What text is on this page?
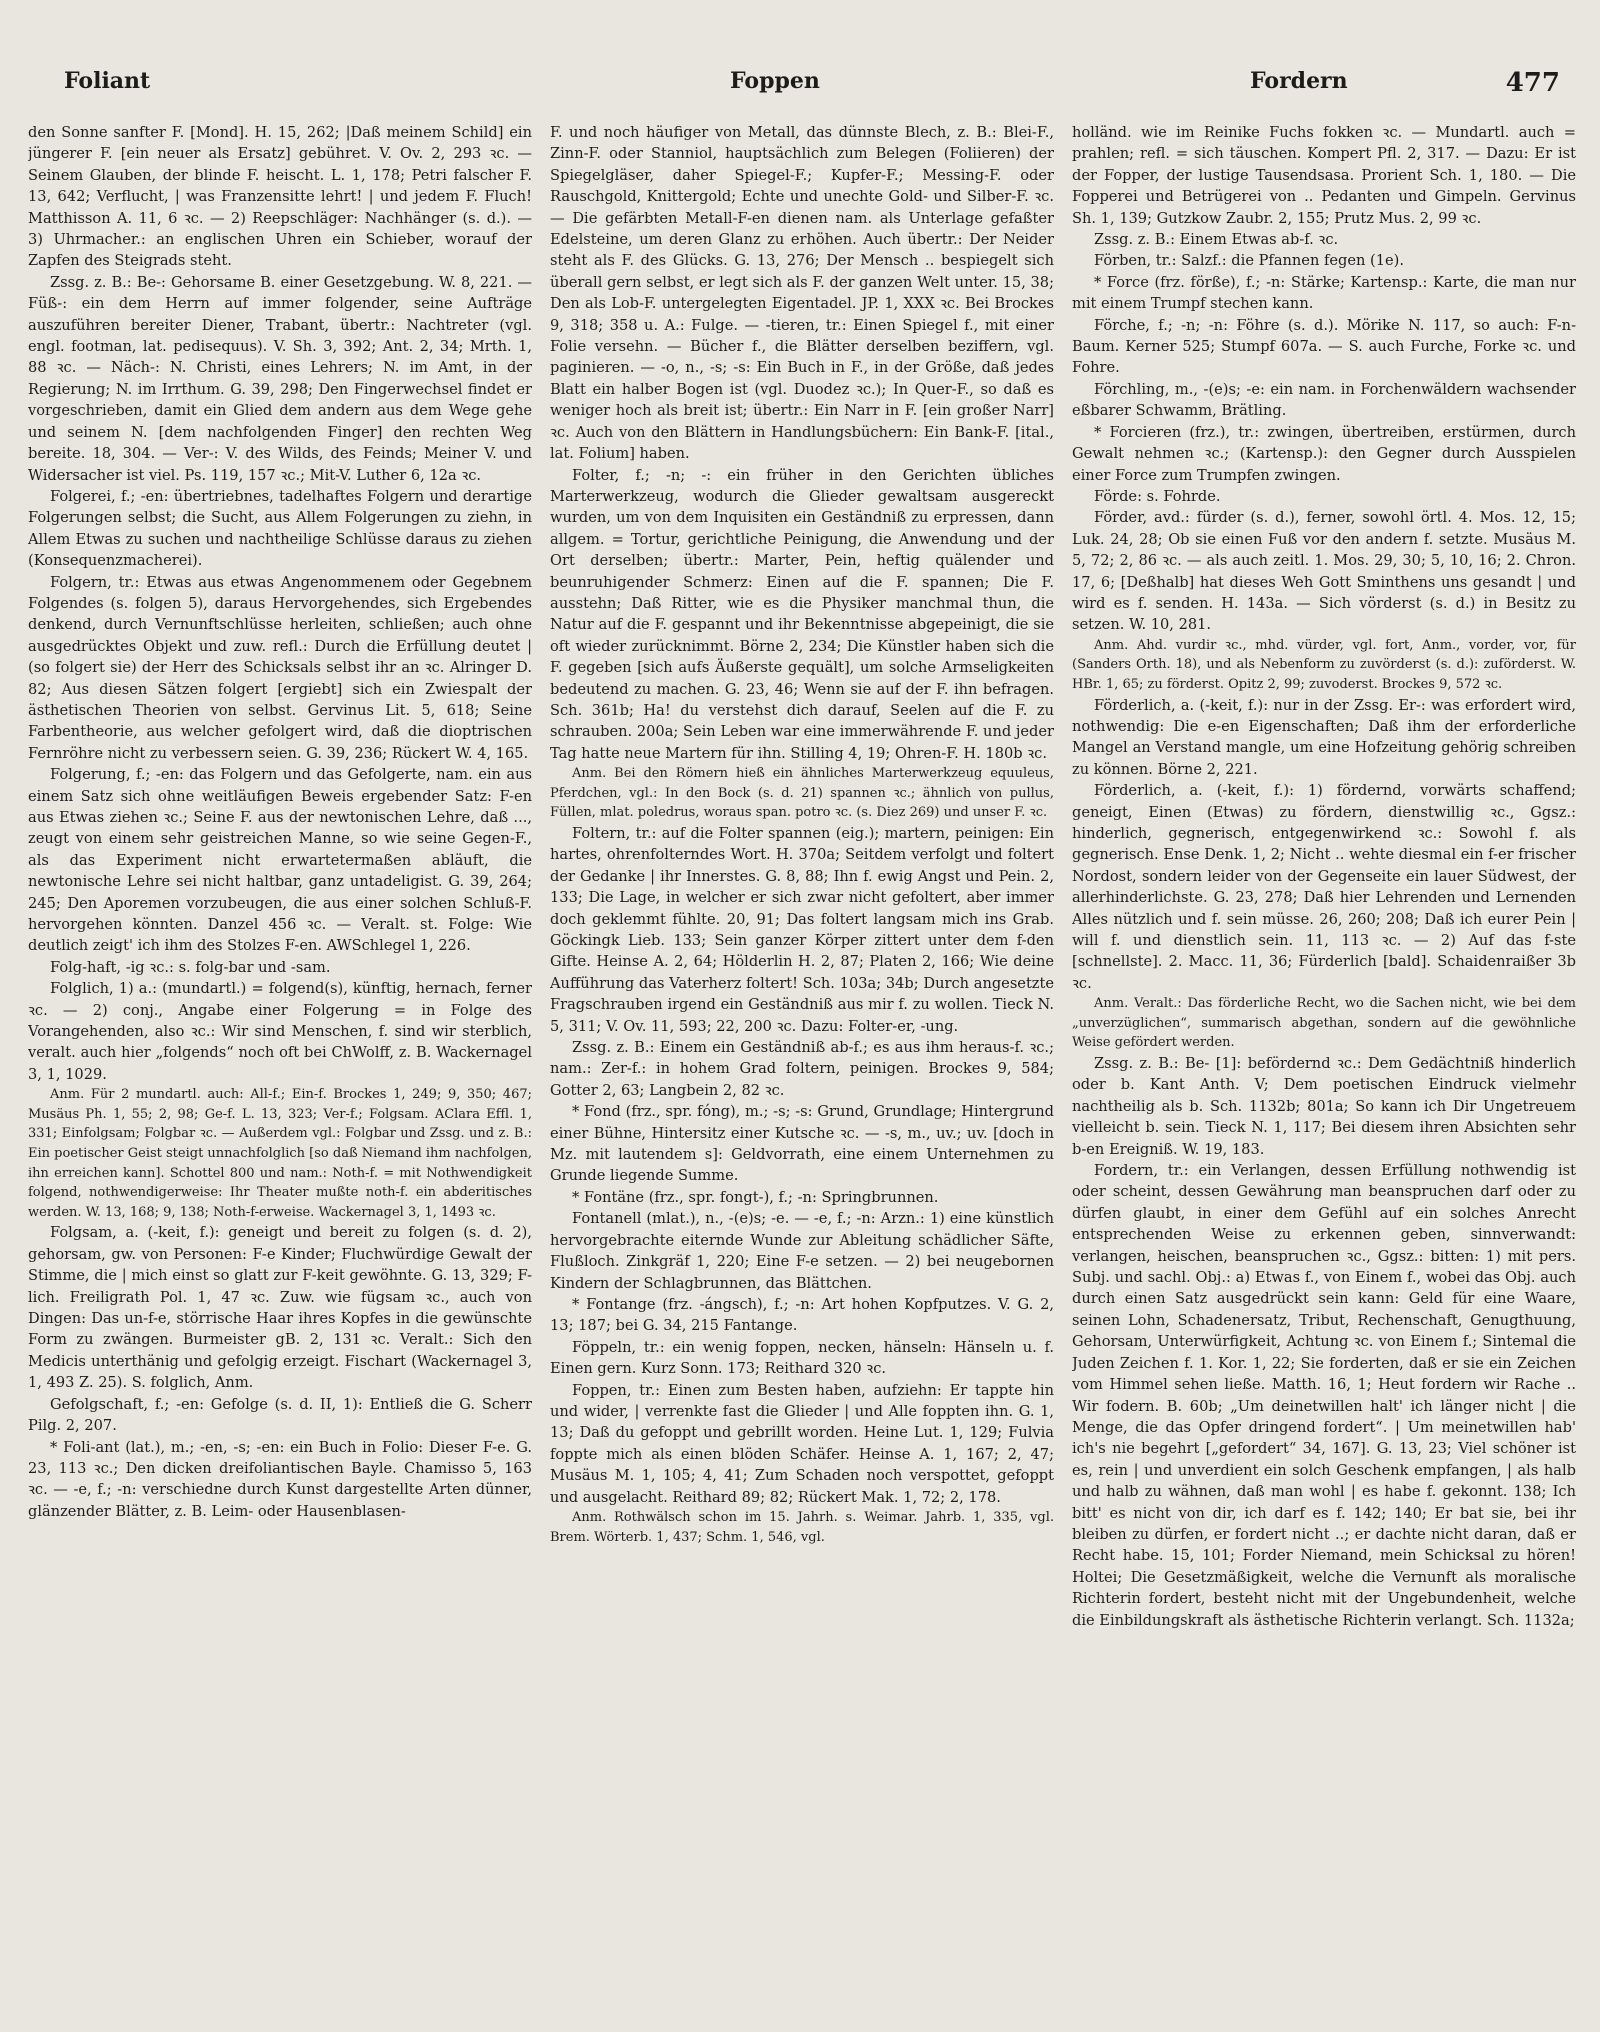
Foliant	Foppen	Fordern	477

den Sonne sanfter F. [Mond]. H. 15, 262; |Daß meinem Schild] ein jüngerer F. [ein neuer als Ersatz] gebühret. V. Ov. 2, 293 ꝛc. — Seinem Glauben, der blinde F. heischt. L. 1, 178; Petri falscher F. 13, 642; Verflucht, | was Franzensitte lehrt! | und jedem F. Fluch! Matthisson A. 11, 6 ꝛc. — 2) Reepschläger: Nachhänger (s. d.). — 3) Uhrmacher.: an englischen Uhren ein Schieber, worauf der Zapfen des Steigrads steht.

Zssg. z. B.: Be-: Gehorsame B. einer Gesetzgebung. W. 8, 221. — Füß-: ein dem Herrn auf immer folgender, seine Aufträge auszuführen bereiter Diener, Trabant, übertr.: Nachtreter (vgl. engl. footman, lat. pedisequus). V. Sh. 3, 392; Ant. 2, 34; Mrth. 1, 88 ꝛc. — Näch-: N. Christi, eines Lehrers; N. im Amt, in der Regierung; N. im Irrthum. G. 39, 298; Den Fingerwechsel findet er vorgeschrieben, damit ein Glied dem andern aus dem Wege gehe und seinem N. [dem nachfolgenden Finger] den rechten Weg bereite. 18, 304. — Ver-: V. des Wilds, des Feinds; Meiner V. und Widersacher ist viel. Ps. 119, 157 ꝛc.; Mit-V. Luther 6, 12a ꝛc.

Folgerei, f.; -en: übertriebnes, tadelhaftes Folgern und derartige Folgerungen selbst; die Sucht, aus Allem Folgerungen zu ziehn, in Allem Etwas zu suchen und nachtheilige Schlüsse daraus zu ziehen (Konsequenzmacherei).

Folgern, tr.: Etwas aus etwas Angenommenem oder Gegebnem Folgendes (s. folgen 5), daraus Hervorgehendes, sich Ergebendes denkend, durch Vernunftschlüsse herleiten, schließen; auch ohne ausgedrücktes Objekt und zuw. refl.: Durch die Erfüllung deutet | (so folgert sie) der Herr des Schicksals selbst ihr an ꝛc. Alringer D. 82; Aus diesen Sätzen folgert [ergiebt] sich ein Zwiespalt der ästhetischen Theorien von selbst. Gervinus Lit. 5, 618; Seine Farbentheorie, aus welcher gefolgert wird, daß die dioptrischen Fernröhre nicht zu verbessern seien. G. 39, 236; Rückert W. 4, 165.

Folgerung, f.; -en: das Folgern und das Gefolgerte, nam. ein aus einem Satz sich ohne weitläufigen Beweis ergebender Satz: F-en aus Etwas ziehen ꝛc.; Seine F. aus der newtonischen Lehre, daß ..., zeugt von einem sehr geistreichen Manne, so wie seine Gegen-F., als das Experiment nicht erwartetermaßen abläuft, die newtonische Lehre sei nicht haltbar, ganz untadeligist. G. 39, 264; 245; Den Aporemen vorzubeugen, die aus einer solchen Schluß-F. hervorgehen könnten. Danzel 456 ꝛc. — Veralt. st. Folge: Wie deutlich zeigt' ich ihm des Stolzes F-en. AWSchlegel 1, 226.

Folg-haft, -ig ꝛc.: s. folg-bar und -sam.

Folglich, 1) a.: (mundartl.) = folgend(s), künftig, hernach, ferner ꝛc. — 2) conj., Angabe einer Folgerung = in Folge des Vorangehenden, also ꝛc.: Wir sind Menschen, f. sind wir sterblich, veralt. auch hier „folgends“ noch oft bei ChWolff, z. B. Wackernagel 3, 1, 1029.

Anm. Für 2 mundartl. auch: All-f.; Ein-f. Brockes 1, 249; 9, 350; 467; Musäus Ph. 1, 55; 2, 98; Ge-f. L. 13, 323; Ver-f.; Folgsam. AClara Effl. 1, 331; Einfolgsam; Folgbar ꝛc. — Außerdem vgl.: Folgbar und Zssg. und z. B.: Ein poetischer Geist steigt unnachfolglich [so daß Niemand ihm nachfolgen, ihn erreichen kann]. Schottel 800 und nam.: Noth-f. = mit Nothwendigkeit folgend, nothwendigerweise: Ihr Theater mußte noth-f. ein abderitisches werden. W. 13, 168; 9, 138; Noth-f-erweise. Wackernagel 3, 1, 1493 ꝛc.

Folgsam, a. (-keit, f.): geneigt und bereit zu folgen (s. d. 2), gehorsam, gw. von Personen: F-e Kinder; Fluchwürdige Gewalt der Stimme, die | mich einst so glatt zur F-keit gewöhnte. G. 13, 329; F-lich. Freiligrath Pol. 1, 47 ꝛc. Zuw. wie fügsam ꝛc., auch von Dingen: Das un-f-e, störrische Haar ihres Kopfes in die gewünschte Form zu zwängen. Burmeister gB. 2, 131 ꝛc. Veralt.: Sich den Medicis unterthänig und gefolgig erzeigt. Fischart (Wackernagel 3, 1, 493 Z. 25). S. folglich, Anm.

Gefolgschaft, f.; -en: Gefolge (s. d. II, 1): Entließ die G. Scherr Pilg. 2, 207.

* Foli-ant (lat.), m.; -en, -s; -en: ein Buch in Folio: Dieser F-e. G. 23, 113 ꝛc.; Den dicken dreifoliantischen Bayle. Chamisso 5, 163 ꝛc. — -e, f.; -n: verschiedne durch Kunst dargestellte Arten dünner, glänzender Blätter, z. B. Leim- oder Hausenblasen-

F. und noch häufiger von Metall, das dünnste Blech, z. B.: Blei-F., Zinn-F. oder Stanniol, hauptsächlich zum Belegen (Foliieren) der Spiegelgläser, daher Spiegel-F.; Kupfer-F.; Messing-F. oder Rauschgold, Knittergold; Echte und unechte Gold- und Silber-F. ꝛc. — Die gefärbten Metall-F-en dienen nam. als Unterlage gefaßter Edelsteine, um deren Glanz zu erhöhen. Auch übertr.: Der Neider steht als F. des Glücks. G. 13, 276; Der Mensch .. bespiegelt sich überall gern selbst, er legt sich als F. der ganzen Welt unter. 15, 38; Den als Lob-F. untergelegten Eigentadel. JP. 1, XXX ꝛc. Bei Brockes 9, 318; 358 u. A.: Fulge. — -tieren, tr.: Einen Spiegel f., mit einer Folie versehn. — Bücher f., die Blätter derselben beziffern, vgl. paginieren. — -o, n., -s; -s: Ein Buch in F., in der Größe, daß jedes Blatt ein halber Bogen ist (vgl. Duodez ꝛc.); In Quer-F., so daß es weniger hoch als breit ist; übertr.: Ein Narr in F. [ein großer Narr] ꝛc. Auch von den Blättern in Handlungsbüchern: Ein Bank-F. [ital., lat. Folium] haben.

Folter, f.; -n; -: ein früher in den Gerichten übliches Marterwerkzeug, wodurch die Glieder gewaltsam ausgereckt wurden, um von dem Inquisiten ein Geständniß zu erpressen, dann allgem. = Tortur, gerichtliche Peinigung, die Anwendung und der Ort derselben; übertr.: Marter, Pein, heftig quälender und beunruhigender Schmerz: Einen auf die F. spannen; Die F. ausstehn; Daß Ritter, wie es die Physiker manchmal thun, die Natur auf die F. gespannt und ihr Bekenntnisse abgepeinigt, die sie oft wieder zurücknimmt. Börne 2, 234; Die Künstler haben sich die F. gegeben [sich aufs Äußerste gequält], um solche Armseligkeiten bedeutend zu machen. G. 23, 46; Wenn sie auf der F. ihn befragen. Sch. 361b; Ha! du verstehst dich darauf, Seelen auf die F. zu schrauben. 200a; Sein Leben war eine immerwährende F. und jeder Tag hatte neue Martern für ihn. Stilling 4, 19; Ohren-F. H. 180b ꝛc.

Anm. Bei den Römern hieß ein ähnliches Marterwerkzeug equuleus, Pferdchen, vgl.: In den Bock (s. d. 21) spannen ꝛc.; ähnlich von pullus, Füllen, mlat. poledrus, woraus span. potro ꝛc. (s. Diez 269) und unser F. ꝛc.

Foltern, tr.: auf die Folter spannen (eig.); martern, peinigen: Ein hartes, ohrenfolterndes Wort. H. 370a; Seitdem verfolgt und foltert der Gedanke | ihr Innerstes. G. 8, 88; Ihn f. ewig Angst und Pein. 2, 133; Die Lage, in welcher er sich zwar nicht gefoltert, aber immer doch geklemmt fühlte. 20, 91; Das foltert langsam mich ins Grab. Göckingk Lieb. 133; Sein ganzer Körper zittert unter dem f-den Gifte. Heinse A. 2, 64; Hölderlin H. 2, 87; Platen 2, 166; Wie deine Aufführung das Vaterherz foltert! Sch. 103a; 34b; Durch angesetzte Fragschrauben irgend ein Geständniß aus mir f. zu wollen. Tieck N. 5, 311; V. Ov. 11, 593; 22, 200 ꝛc. Dazu: Folter-er, -ung.

Zssg. z. B.: Einem ein Geständniß ab-f.; es aus ihm heraus-f. ꝛc.; nam.: Zer-f.: in hohem Grad foltern, peinigen. Brockes 9, 584; Gotter 2, 63; Langbein 2, 82 ꝛc.

* Fond (frz., spr. fóng), m.; -s; -s: Grund, Grundlage; Hintergrund einer Bühne, Hintersitz einer Kutsche ꝛc. — -s, m., uv.; uv. [doch in Mz. mit lautendem s]: Geldvorrath, eine einem Unternehmen zu Grunde liegende Summe.

* Fontäne (frz., spr. fongt-), f.; -n: Springbrunnen.

Fontanell (mlat.), n., -(e)s; -e. — -e, f.; -n: Arzn.: 1) eine künstlich hervorgebrachte eiternde Wunde zur Ableitung schädlicher Säfte, Flußloch. Zinkgräf 1, 220; Eine F-e setzen. — 2) bei neugebornen Kindern der Schlagbrunnen, das Blättchen.

* Fontange (frz. -ángsch), f.; -n: Art hohen Kopfputzes. V. G. 2, 13; 187; bei G. 34, 215 Fantange.

Föppeln, tr.: ein wenig foppen, necken, hänseln: Hänseln u. f. Einen gern. Kurz Sonn. 173; Reithard 320 ꝛc.

Foppen, tr.: Einen zum Besten haben, aufziehn: Er tappte hin und wider, | verrenkte fast die Glieder | und Alle foppten ihn. G. 1, 13; Daß du gefoppt und gebrillt worden. Heine Lut. 1, 129; Fulvia foppte mich als einen blöden Schäfer. Heinse A. 1, 167; 2, 47; Musäus M. 1, 105; 4, 41; Zum Schaden noch verspottet, gefoppt und ausgelacht. Reithard 89; 82; Rückert Mak. 1, 72; 2, 178.

Anm. Rothwälsch schon im 15. Jahrh. s. Weimar. Jahrb. 1, 335, vgl. Brem. Wörterb. 1, 437; Schm. 1, 546, vgl.

holländ. wie im Reinike Fuchs fokken ꝛc. — Mundartl. auch = prahlen; refl. = sich täuschen. Kompert Pfl. 2, 317. — Dazu: Er ist der Fopper, der lustige Tausendsasa. Prorient Sch. 1, 180. — Die Fopperei und Betrügerei von .. Pedanten und Gimpeln. Gervinus Sh. 1, 139; Gutzkow Zaubr. 2, 155; Prutz Mus. 2, 99 ꝛc.

Zssg. z. B.: Einem Etwas ab-f. ꝛc.

Förben, tr.: Salzf.: die Pfannen fegen (1e).

* Force (frz. förße), f.; -n: Stärke; Kartensp.: Karte, die man nur mit einem Trumpf stechen kann.

Förche, f.; -n; -n: Föhre (s. d.). Mörike N. 117, so auch: F-n-Baum. Kerner 525; Stumpf 607a. — S. auch Furche, Forke ꝛc. und Fohre.

Förchling, m., -(e)s; -e: ein nam. in Forchenwäldern wachsender eßbarer Schwamm, Brätling.

* Forcieren (frz.), tr.: zwingen, übertreiben, erstürmen, durch Gewalt nehmen ꝛc.; (Kartensp.): den Gegner durch Ausspielen einer Force zum Trumpfen zwingen.

Förde: s. Fohrde.

Förder, avd.: fürder (s. d.), ferner, sowohl örtl. 4. Mos. 12, 15; Luk. 24, 28; Ob sie einen Fuß vor den andern f. setzte. Musäus M. 5, 72; 2, 86 ꝛc. — als auch zeitl. 1. Mos. 29, 30; 5, 10, 16; 2. Chron. 17, 6; [Deßhalb] hat dieses Weh Gott Sminthens uns gesandt | und wird es f. senden. H. 143a. — Sich vörderst (s. d.) in Besitz zu setzen. W. 10, 281.

Anm. Ahd. vurdir ꝛc., mhd. vürder, vgl. fort, Anm., vorder, vor, für (Sanders Orth. 18), und als Nebenform zu zuvörderst (s. d.): zuförderst. W. HBr. 1, 65; zu förderst. Opitz 2, 99; zuvoderst. Brockes 9, 572 ꝛc.

Förderlich, a. (-keit, f.): nur in der Zssg. Er-: was erfordert wird, nothwendig: Die e-en Eigenschaften; Daß ihm der erforderliche Mangel an Verstand mangle, um eine Hofzeitung gehörig schreiben zu können. Börne 2, 221.

Förderlich, a. (-keit, f.): 1) fördernd, vorwärts schaffend; geneigt, Einen (Etwas) zu fördern, dienstwillig ꝛc., Ggsz.: hinderlich, gegnerisch, entgegenwirkend ꝛc.: Sowohl f. als gegnerisch. Ense Denk. 1, 2; Nicht .. wehte diesmal ein f-er frischer Nordost, sondern leider von der Gegenseite ein lauer Südwest, der allerhinderlichste. G. 23, 278; Daß hier Lehrenden und Lernenden Alles nützlich und f. sein müsse. 26, 260; 208; Daß ich eurer Pein | will f. und dienstlich sein. 11, 113 ꝛc. — 2) Auf das f-ste [schnellste]. 2. Macc. 11, 36; Fürderlich [bald]. Schaidenraißer 3b ꝛc.

Anm. Veralt.: Das förderliche Recht, wo die Sachen nicht, wie bei dem „unverzüglichen“, summarisch abgethan, sondern auf die gewöhnliche Weise gefördert werden.

Zssg. z. B.: Be- [1]: befördernd ꝛc.: Dem Gedächtniß hinderlich oder b. Kant Anth. V; Dem poetischen Eindruck vielmehr nachtheilig als b. Sch. 1132b; 801a; So kann ich Dir Ungetreuem vielleicht b. sein. Tieck N. 1, 117; Bei diesem ihren Absichten sehr b-en Ereigniß. W. 19, 183.

Fordern, tr.: ein Verlangen, dessen Erfüllung nothwendig ist oder scheint, dessen Gewährung man beanspruchen darf oder zu dürfen glaubt, in einer dem Gefühl auf ein solches Anrecht entsprechenden Weise zu erkennen geben, sinnverwandt: verlangen, heischen, beanspruchen ꝛc., Ggsz.: bitten: 1) mit pers. Subj. und sachl. Obj.: a) Etwas f., von Einem f., wobei das Obj. auch durch einen Satz ausgedrückt sein kann: Geld für eine Waare, seinen Lohn, Schadenersatz, Tribut, Rechenschaft, Genugthuung, Gehorsam, Unterwürfigkeit, Achtung ꝛc. von Einem f.; Sintemal die Juden Zeichen f. 1. Kor. 1, 22; Sie forderten, daß er sie ein Zeichen vom Himmel sehen ließe. Matth. 16, 1; Heut fordern wir Rache .. Wir fodern. B. 60b; „Um deinetwillen halt' ich länger nicht | die Menge, die das Opfer dringend fordert“. | Um meinetwillen hab' ich's nie begehrt [„gefordert“ 34, 167]. G. 13, 23; Viel schöner ist es, rein | und unverdient ein solch Geschenk empfangen, | als halb und halb zu wähnen, daß man wohl | es habe f. gekonnt. 138; Ich bitt' es nicht von dir, ich darf es f. 142; 140; Er bat sie, bei ihr bleiben zu dürfen, er fordert nicht ..; er dachte nicht daran, daß er Recht habe. 15, 101; Forder Niemand, mein Schicksal zu hören! Holtei; Die Gesetzmäßigkeit, welche die Vernunft als moralische Richterin fordert, besteht nicht mit der Ungebundenheit, welche die Einbildungskraft als ästhetische Richterin verlangt. Sch. 1132a;
